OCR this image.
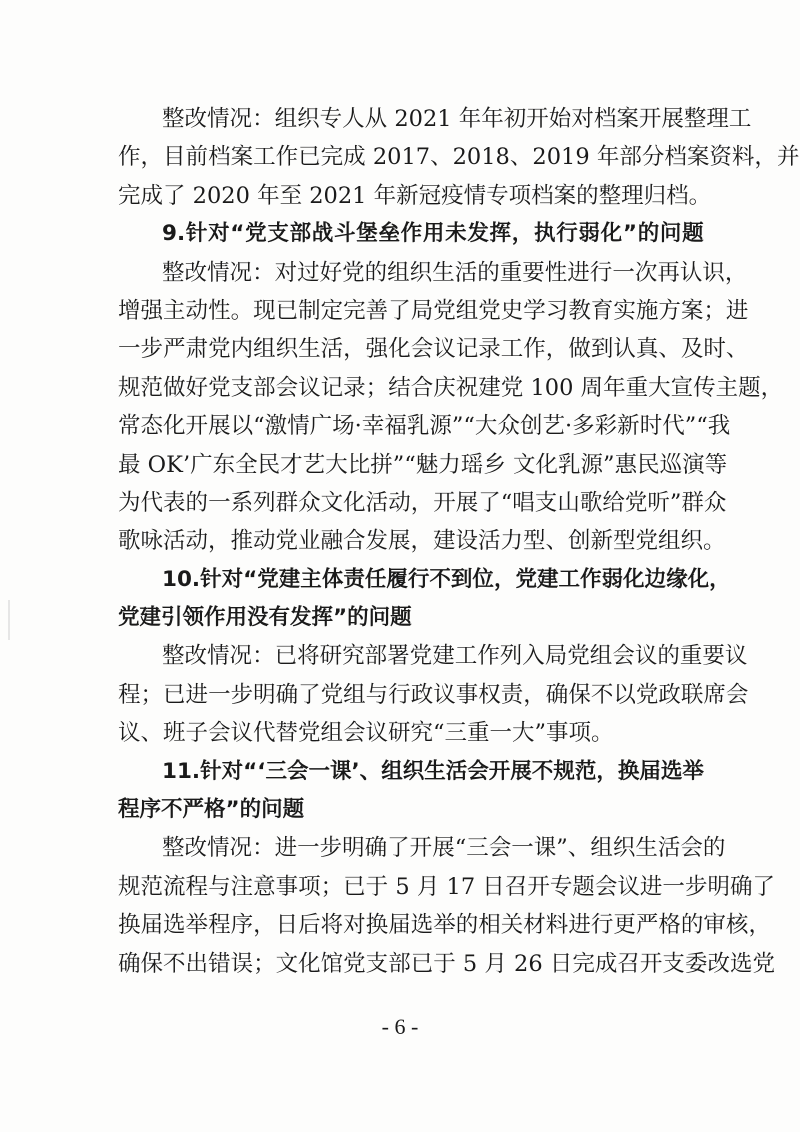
整 改 情 况 ： 组 织 专 人 从
2021
年 年 初 开 始 对 档 案 开 展 整 理 工
作 ， 目 前 档 案 工 作 已 完 成
2017 、 2018 、 2019
年 部 分 档 案 资 料 ， 并
完成了 2020 年至 2021 年新冠疫情专项档案的整理归档。
9. 针 对 “ 党 支 部 战 斗 堡 垒 作 用 未 发 挥 ， 执 行 弱 化 ” 的 问 题
整 改 情 况 ： 对 过 好 党 的 组 织 生 活 的 重 要 性 进 行 一 次 再 认 识 ，
增 强 主 动 性 。 现 已 制 定 完 善 了 局 党 组 党 史 学 习 教 育 实 施 方 案 ； 进
一 步 严 肃 党 内 组 织 生 活 ， 强 化 会 议 记 录 工 作 ， 做 到 认 真 、 及 时 、
规 范 做 好 党 支 部 会 议 记 录 ； 结 合 庆 祝 建 党
100
周 年 重 大 宣 传 主 题 ，
常 态 化 开 展 以 “ 激 情 广 场 · 幸 福 乳 源 ” “ 大 众 创 艺 · 多 彩 新 时 代 ” “ 我
最
OK ’ 广 东 全 民 才 艺 大 比 拼 ” “ 魅 力 瑶 乡
文 化 乳 源 ” 惠 民 巡 演 等
为 代 表 的 一 系 列 群 众 文 化 活 动 ， 开 展 了 “ 唱 支 山 歌 给 党 听 ” 群 众
歌咏活动，推动党业融合发展，建设活力型、创新型党组织。
10. 针 对 “ 党 建 主 体 责 任 履 行 不 到 位 ， 党 建 工 作 弱 化 边 缘 化 ，
党建引领作用没有发挥”的问题
整 改 情 况 ： 已 将 研 究 部 署 党 建 工 作 列 入 局 党 组 会 议 的 重 要 议
程 ； 已 进 一 步 明 确 了 党 组 与 行 政 议 事 权 责 ， 确 保 不 以 党 政 联 席 会
议、班子会议代替党组会议研究“三重一大”事项。
11. 针 对 “ ‘ 三 会 一 课 ’ 、 组 织 生 活 会 开 展 不 规 范 ， 换 届 选 举
程序不严格”的问题
整 改 情 况 ： 进 一 步 明 确 了 开 展 “ 三 会 一 课 ” 、 组 织 生 活 会 的
规 范 流 程 与 注 意 事 项 ； 已 于
5
月
17
日 召 开 专 题 会 议 进 一 步 明 确 了
换 届 选 举 程 序 ， 日 后 将 对 换 届 选 举 的 相 关 材 料 进 行 更 严 格 的 审 核 ，
确 保 不 出 错 误 ； 文 化 馆 党 支 部 已 于
5
月
26
日 完 成 召 开 支 委 改 选 党
- 6 -
